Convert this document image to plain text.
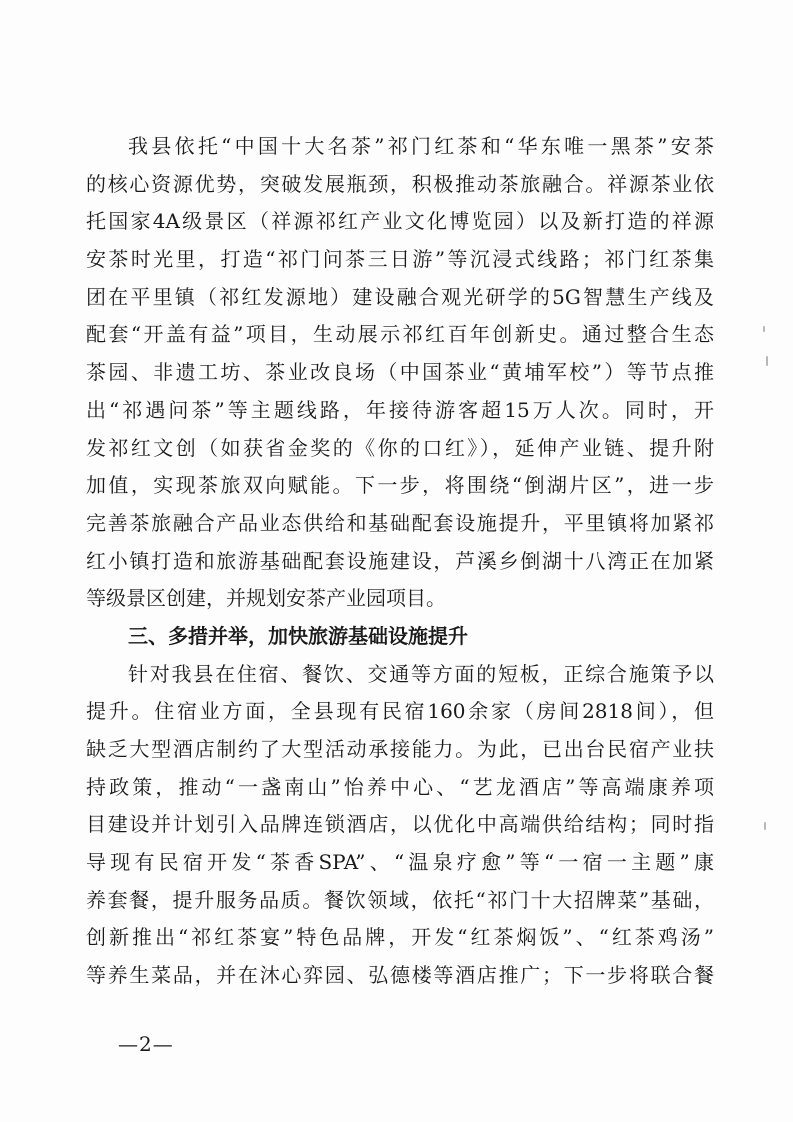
我县依托“中国十大名茶”祁门红茶和“华东唯一黑茶”安茶
的核心资源优势，突破发展瓶颈，积极推动茶旅融合。祥源茶业依
托国家4A级景区（祥源祁红产业文化博览园）以及新打造的祥源
安茶时光里，打造“祁门问茶三日游”等沉浸式线路；祁门红茶集
团在平里镇（祁红发源地）建设融合观光研学的5G智慧生产线及
配套“开盖有益”项目，生动展示祁红百年创新史。通过整合生态
茶园、非遗工坊、茶业改良场（中国茶业“黄埔军校”）等节点推
出“祁遇问茶”等主题线路，年接待游客超15万人次。同时，开
发祁红文创（如获省金奖的《你的口红》），延伸产业链、提升附
加值，实现茶旅双向赋能。下一步，将围绕“倒湖片区”，进一步
完善茶旅融合产品业态供给和基础配套设施提升，平里镇将加紧祁
红小镇打造和旅游基础配套设施建设，芦溪乡倒湖十八湾正在加紧
等级景区创建，并规划安茶产业园项目。
三、多措并举，加快旅游基础设施提升
针对我县在住宿、餐饮、交通等方面的短板，正综合施策予以
提升。住宿业方面，全县现有民宿160余家（房间2818间），但
缺乏大型酒店制约了大型活动承接能力。为此，已出台民宿产业扶
持政策，推动“一盏南山”怡养中心、“艺龙酒店”等高端康养项
目建设并计划引入品牌连锁酒店，以优化中高端供给结构；同时指
导现有民宿开发“茶香SPA”、“温泉疗愈”等“一宿一主题”康
养套餐，提升服务品质。餐饮领域，依托“祁门十大招牌菜”基础，
创新推出“祁红茶宴”特色品牌，开发“红茶焖饭”、“红茶鸡汤”
等养生菜品，并在沐心弈园、弘德楼等酒店推广；下一步将联合餐
—2—
